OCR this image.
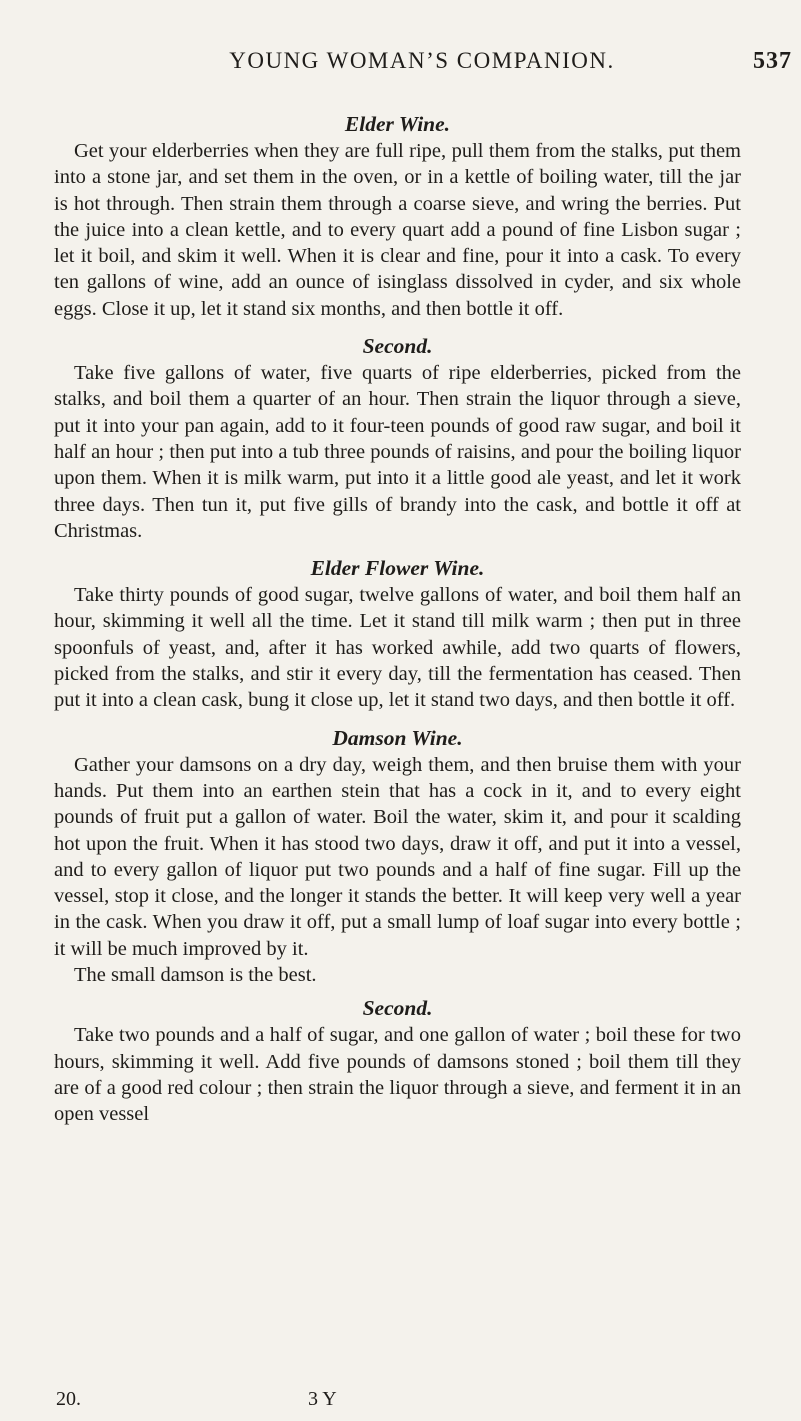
YOUNG WOMAN’S COMPANION.	537
Elder Wine.

Get your elderberries when they are full ripe, pull them from the stalks, put them into a stone jar, and set them in the oven, or in a kettle of boiling water, till the jar is hot through. Then strain them through a coarse sieve, and wring the berries. Put the juice into a clean kettle, and to every quart add a pound of fine Lisbon sugar ; let it boil, and skim it well. When it is clear and fine, pour it into a cask. To every ten gallons of wine, add an ounce of isinglass dissolved in cyder, and six whole eggs. Close it up, let it stand six months, and then bottle it off.

Second.

Take five gallons of water, five quarts of ripe elderberries, picked from the stalks, and boil them a quarter of an hour. Then strain the liquor through a sieve, put it into your pan again, add to it four-teen pounds of good raw sugar, and boil it half an hour ; then put into a tub three pounds of raisins, and pour the boiling liquor upon them. When it is milk warm, put into it a little good ale yeast, and let it work three days. Then tun it, put five gills of brandy into the cask, and bottle it off at Christmas.

Elder Flower Wine.

Take thirty pounds of good sugar, twelve gallons of water, and boil them half an hour, skimming it well all the time. Let it stand till milk warm ; then put in three spoonfuls of yeast, and, after it has worked awhile, add two quarts of flowers, picked from the stalks, and stir it every day, till the fermentation has ceased. Then put it into a clean cask, bung it close up, let it stand two days, and then bottle it off.

Damson Wine.

Gather your damsons on a dry day, weigh them, and then bruise them with your hands. Put them into an earthen stein that has a cock in it, and to every eight pounds of fruit put a gallon of water. Boil the water, skim it, and pour it scalding hot upon the fruit. When it has stood two days, draw it off, and put it into a vessel, and to every gallon of liquor put two pounds and a half of fine sugar. Fill up the vessel, stop it close, and the longer it stands the better. It will keep very well a year in the cask. When you draw it off, put a small lump of loaf sugar into every bottle ; it will be much improved by it.

The small damson is the best.

Second.

Take two pounds and a half of sugar, and one gallon of water ; boil these for two hours, skimming it well. Add five pounds of damsons stoned ; boil them till they are of a good red colour ; then strain the liquor through a sieve, and ferment it in an open vessel

20.	3 Y
